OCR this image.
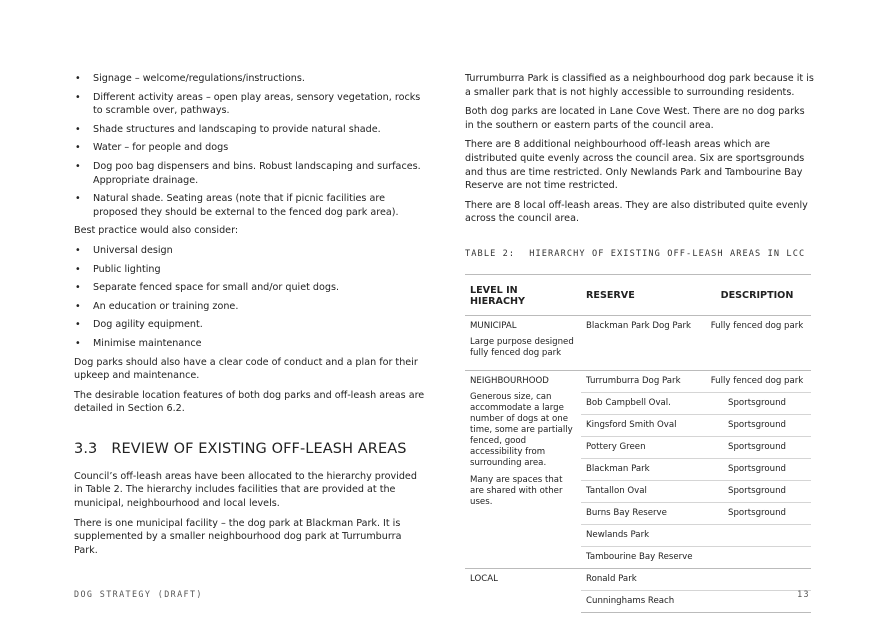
• Signage – welcome/regulations/instructions.
• Different activity areas – open play areas, sensory vegetation, rocks to scramble over, pathways.
• Shade structures and landscaping to provide natural shade.
• Water – for people and dogs
• Dog poo bag dispensers and bins. Robust landscaping and surfaces. Appropriate drainage.
• Natural shade. Seating areas (note that if picnic facilities are proposed they should be external to the fenced dog park area).

Best practice would also consider:

• Universal design
• Public lighting
• Separate fenced space for small and/or quiet dogs.
• An education or training zone.
• Dog agility equipment.
• Minimise maintenance

Dog parks should also have a clear code of conduct and a plan for their upkeep and maintenance.

The desirable location features of both dog parks and off-leash areas are detailed in Section 6.2.

3.3 REVIEW OF EXISTING OFF-LEASH AREAS

Council’s off-leash areas have been allocated to the hierarchy provided in Table 2. The hierarchy includes facilities that are provided at the municipal, neighbourhood and local levels.

There is one municipal facility – the dog park at Blackman Park. It is supplemented by a smaller neighbourhood dog park at Turrumburra Park.

Turrumburra Park is classified as a neighbourhood dog park because it is a smaller park that is not highly accessible to surrounding residents.

Both dog parks are located in Lane Cove West. There are no dog parks in the southern or eastern parts of the council area.

There are 8 additional neighbourhood off-leash areas which are distributed quite evenly across the council area. Six are sportsgrounds and thus are time restricted. Only Newlands Park and Tambourine Bay Reserve are not time restricted.

There are 8 local off-leash areas. They are also distributed quite evenly across the council area.

TABLE 2: HIERARCHY OF EXISTING OFF-LEASH AREAS IN LCC
LEVEL IN HIERACHY	RESERVE	DESCRIPTION

MUNICIPAL
Large purpose designed fully fenced dog park	Blackman Park Dog Park	Fully fenced dog park

NEIGHBOURHOOD
Generous size, can accommodate a large number of dogs at one time, some are partially fenced, good accessibility from surrounding area.
Many are spaces that are shared with other uses.	Turrumburra Dog Park	Fully fenced dog park
	Bob Campbell Oval.	Sportsground
	Kingsford Smith Oval	Sportsground
	Pottery Green	Sportsground
	Blackman Park	Sportsground
	Tantallon Oval	Sportsground
	Burns Bay Reserve	Sportsground
	Newlands Park	
	Tambourine Bay Reserve	

LOCAL	Ronald Park	
	Cunninghams Reach	
DOG STRATEGY (DRAFT)	13
